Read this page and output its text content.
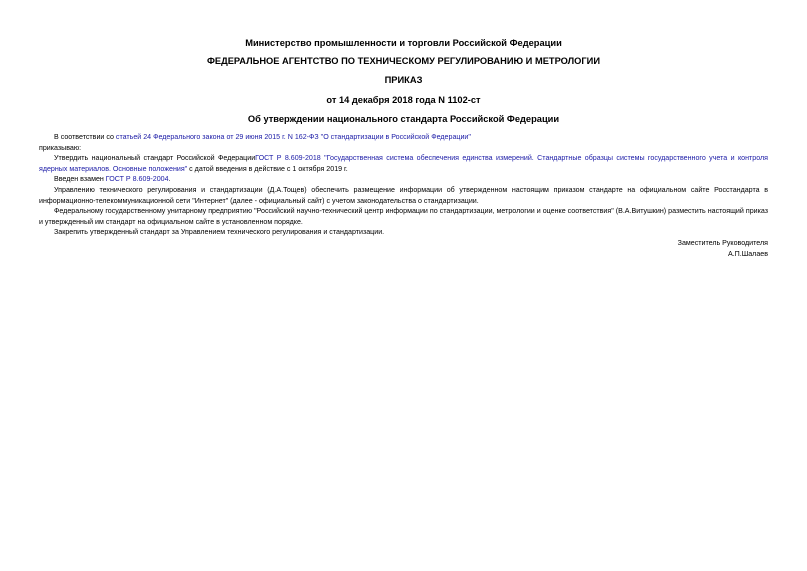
Министерство промышленности и торговли Российской Федерации
ФЕДЕРАЛЬНОЕ АГЕНТСТВО ПО ТЕХНИЧЕСКОМУ РЕГУЛИРОВАНИЮ И МЕТРОЛОГИИ
ПРИКАЗ
от 14 декабря 2018 года N 1102-ст
Об утверждении национального стандарта Российской Федерации

В соответствии со статьей 24 Федерального закона от 29 июня 2015 г. N 162-ФЗ "О стандартизации в Российской Федерации"

приказываю:

Утвердить национальный стандарт Российской ФедерацииГОСТ Р 8.609-2018 "Государственная система обеспечения единства измерений. Стандартные образцы системы государственного учета и контроля ядерных материалов. Основные положения" с датой введения в действие с 1 октября 2019 г.

Введен взамен ГОСТ Р 8.609-2004.

Управлению технического регулирования и стандартизации (Д.А.Тощев) обеспечить размещение информации об утвержденном настоящим приказом стандарте на официальном сайте Росстандарта в информационно-телекоммуникационной сети "Интернет" (далее - официальный сайт) с учетом законодательства о стандартизации.

Федеральному государственному унитарному предприятию "Российский научно-технический центр информации по стандартизации, метрологии и оценке соответствия" (В.А.Витушкин) разместить настоящий приказ и утвержденный им стандарт на официальном сайте в установленном порядке.

Закрепить утвержденный стандарт за Управлением технического регулирования и стандартизации.

Заместитель Руководителя
А.П.Шалаев
